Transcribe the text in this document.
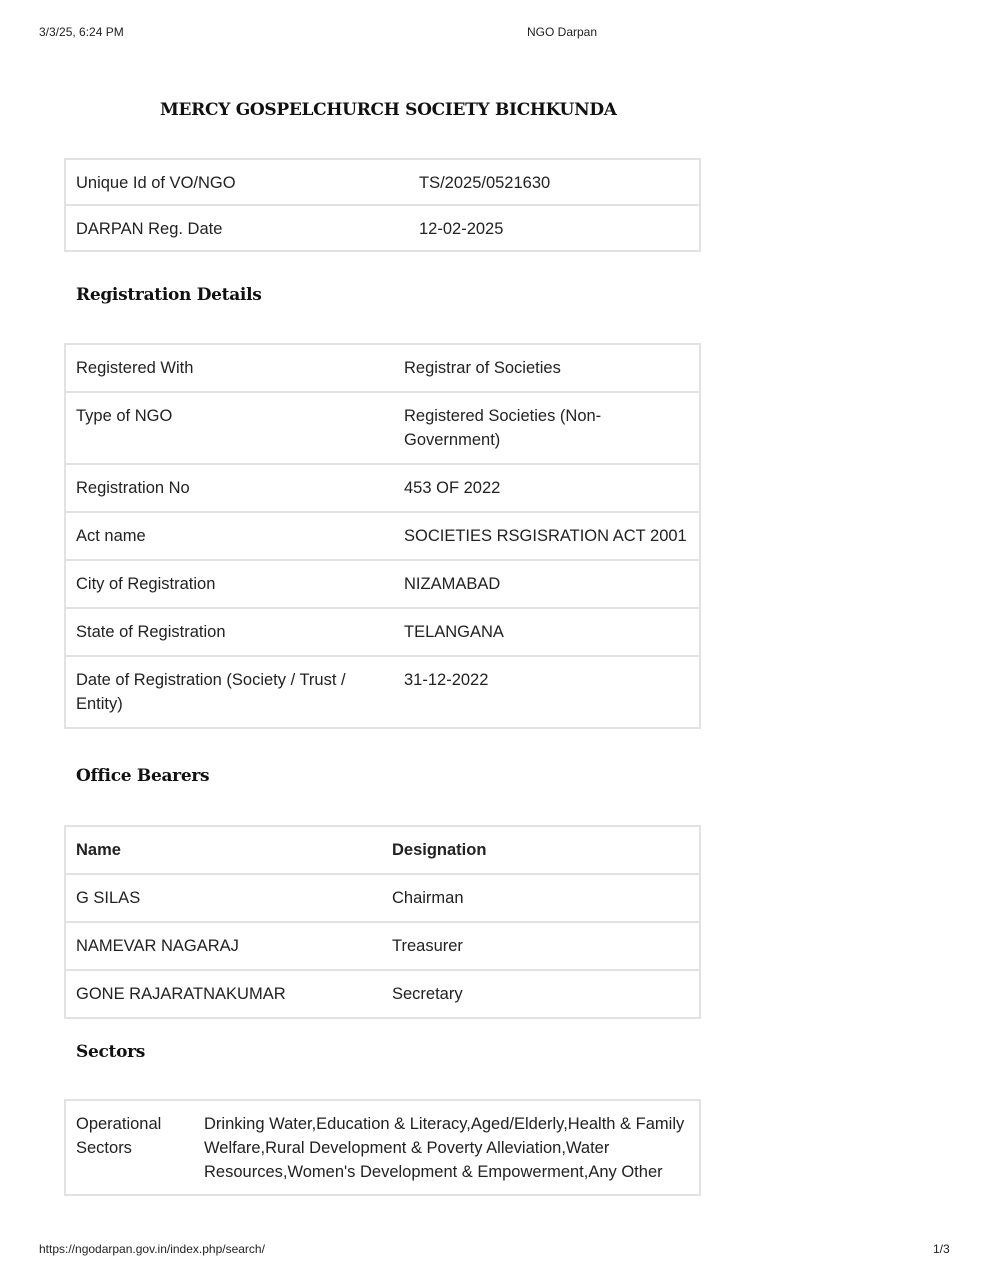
3/3/25, 6:24 PM	NGO Darpan
MERCY GOSPELCHURCH SOCIETY BICHKUNDA
Unique Id of VO/NGO	TS/2025/0521630
DARPAN Reg. Date	12-02-2025
Registration Details
Registered With	Registrar of Societies
Type of NGO	Registered Societies (Non-Government)
Registration No	453 OF 2022
Act name	SOCIETIES RSGISRATION ACT 2001
City of Registration	NIZAMABAD
State of Registration	TELANGANA
Date of Registration (Society / Trust / Entity)	31-12-2022
Office Bearers
Name	Designation
G SILAS	Chairman
NAMEVAR NAGARAJ	Treasurer
GONE RAJARATNAKUMAR	Secretary
Sectors
Operational Sectors	Drinking Water,Education & Literacy,Aged/Elderly,Health & Family Welfare,Rural Development & Poverty Alleviation,Water Resources,Women's Development & Empowerment,Any Other
https://ngodarpan.gov.in/index.php/search/	1/3
